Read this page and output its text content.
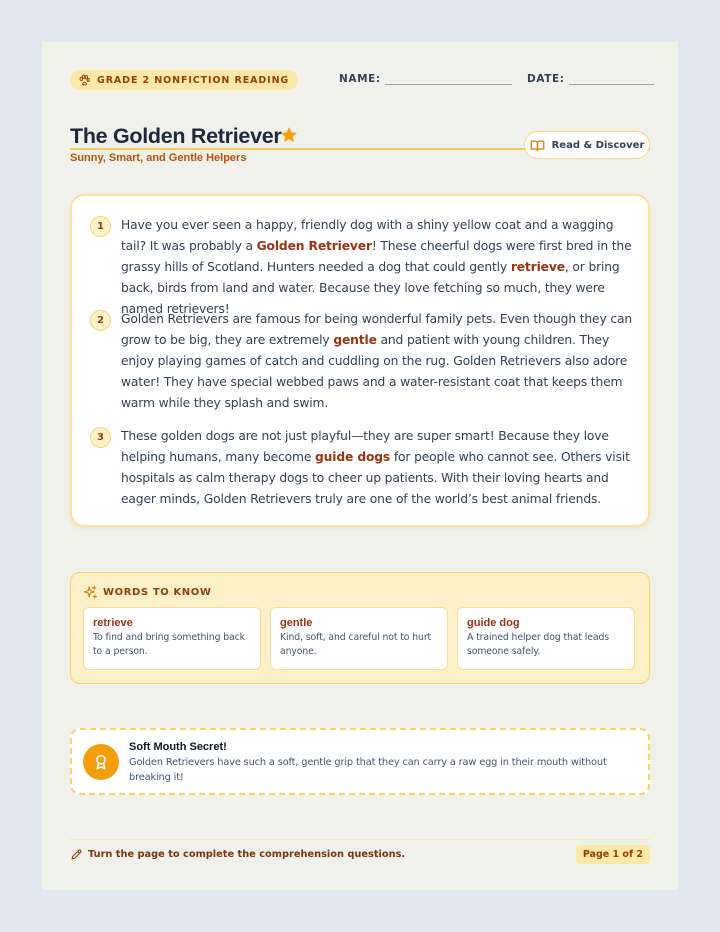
GRADE 2 NONFICTION READING	NAME:	DATE:
The Golden Retriever
Sunny, Smart, and Gentle Helpers
Read & Discover
1	Have you ever seen a happy, friendly dog with a shiny yellow coat and a wagging tail? It was probably a Golden Retriever! These cheerful dogs were first bred in the grassy hills of Scotland. Hunters needed a dog that could gently retrieve, or bring back, birds from land and water. Because they love fetching so much, they were named retrievers!
2	Golden Retrievers are famous for being wonderful family pets. Even though they can grow to be big, they are extremely gentle and patient with young children. They enjoy playing games of catch and cuddling on the rug. Golden Retrievers also adore water! They have special webbed paws and a water-resistant coat that keeps them warm while they splash and swim.
3	These golden dogs are not just playful—they are super smart! Because they love helping humans, many become guide dogs for people who cannot see. Others visit hospitals as calm therapy dogs to cheer up patients. With their loving hearts and eager minds, Golden Retrievers truly are one of the world’s best animal friends.
WORDS TO KNOW
retrieve
To find and bring something back to a person.
gentle
Kind, soft, and careful not to hurt anyone.
guide dog
A trained helper dog that leads someone safely.
Soft Mouth Secret!
Golden Retrievers have such a soft, gentle grip that they can carry a raw egg in their mouth without breaking it!
Turn the page to complete the comprehension questions.	Page 1 of 2
